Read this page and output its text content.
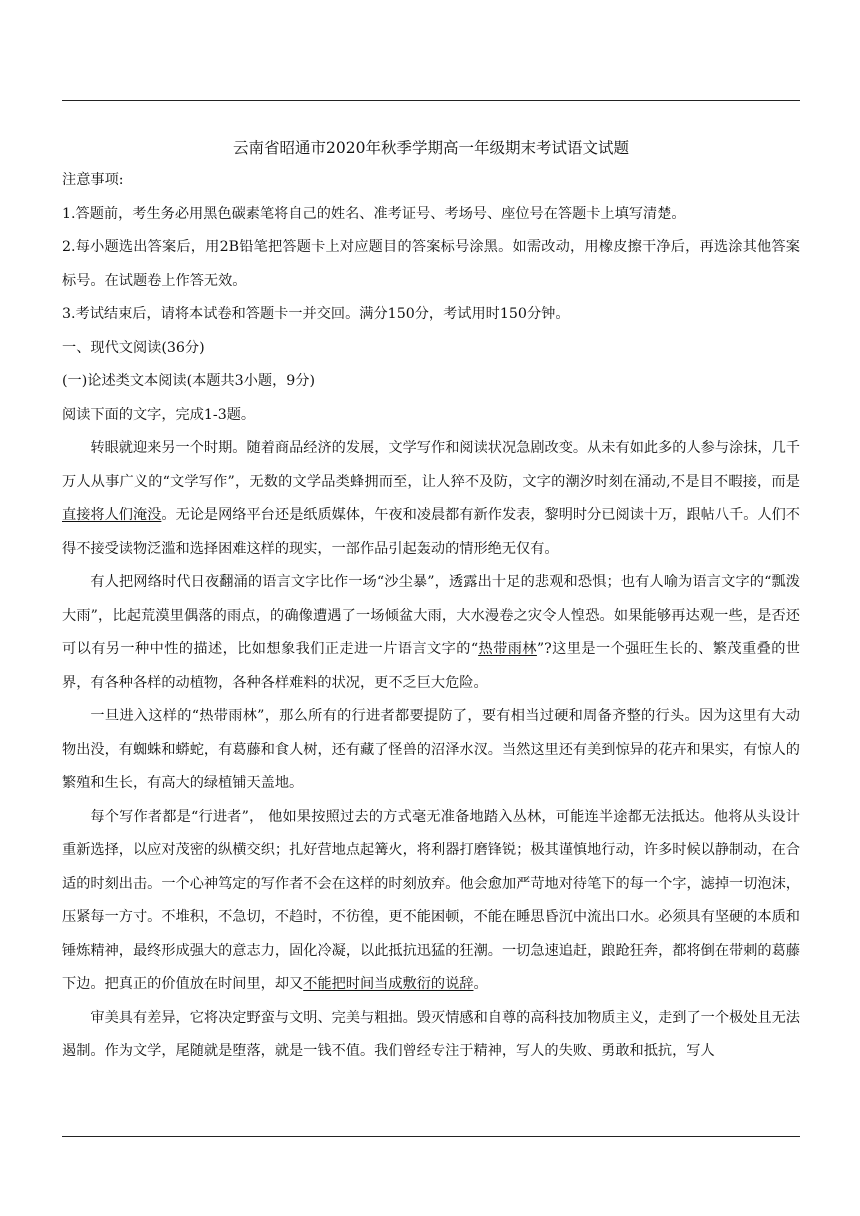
云南省昭通市2020年秋季学期高一年级期末考试语文试题

注意事项:

1.答题前，考生务必用黑色碳素笔将自己的姓名、准考证号、考场号、座位号在答题卡上填写清楚。

2.每小题选出答案后，用2B铅笔把答题卡上对应题目的答案标号涂黑。如需改动，用橡皮擦干净后，再选涂其他答案标号。在试题卷上作答无效。

3.考试结束后，请将本试卷和答题卡一并交回。满分150分，考试用时150分钟。

一、现代文阅读(36分)

(一)论述类文本阅读(本题共3小题，9分)

阅读下面的文字，完成1-3题。

转眼就迎来另一个时期。随着商品经济的发展，文学写作和阅读状况急剧改变。从未有如此多的人参与涂抹，几千万人从事广义的“文学写作”，无数的文学品类蜂拥而至，让人猝不及防，文字的潮汐时刻在涌动,不是目不暇接，而是直接将人们淹没。无论是网络平台还是纸质媒体，午夜和凌晨都有新作发表，黎明时分已阅读十万，跟帖八千。人们不得不接受读物泛滥和选择困难这样的现实，一部作品引起轰动的情形绝无仅有。

有人把网络时代日夜翻涌的语言文字比作一场“沙尘暴”，透露出十足的悲观和恐惧；也有人喻为语言文字的“瓢泼大雨”，比起荒漠里偶落的雨点，的确像遭遇了一场倾盆大雨，大水漫卷之灾令人惶恐。如果能够再达观一些，是否还可以有另一种中性的描述，比如想象我们正走进一片语言文字的“热带雨林”?这里是一个强旺生长的、繁茂重叠的世界，有各种各样的动植物，各种各样难料的状况，更不乏巨大危险。

一旦进入这样的“热带雨林”，那么所有的行进者都要提防了，要有相当过硬和周备齐整的行头。因为这里有大动物出没，有蜘蛛和蟒蛇，有葛藤和食人树，还有藏了怪兽的沼泽水汊。当然这里还有美到惊异的花卉和果实，有惊人的繁殖和生长，有高大的绿植铺天盖地。

每个写作者都是“行进者”， 他如果按照过去的方式毫无准备地踏入丛林，可能连半途都无法抵达。他将从头设计重新选择，以应对茂密的纵横交织；扎好营地点起篝火，将利器打磨锋锐；极其谨慎地行动，许多时候以静制动，在合适的时刻出击。一个心神笃定的写作者不会在这样的时刻放弃。他会愈加严苛地对待笔下的每一个字，滤掉一切泡沫，压紧每一方寸。不堆积，不急切，不趋时，不彷徨，更不能困顿，不能在睡思昏沉中流出口水。必须具有坚硬的本质和锤炼精神，最终形成强大的意志力，固化冷凝，以此抵抗迅猛的狂潮。一切急速追赶，踉跄狂奔，都将倒在带刺的葛藤下边。把真正的价值放在时间里，却又不能把时间当成敷衍的说辞。

审美具有差异，它将决定野蛮与文明、完美与粗拙。毁灭情感和自尊的高科技加物质主义，走到了一个极处且无法遏制。作为文学，尾随就是堕落，就是一钱不值。我们曾经专注于精神，写人的失败、勇敢和抵抗，写人
